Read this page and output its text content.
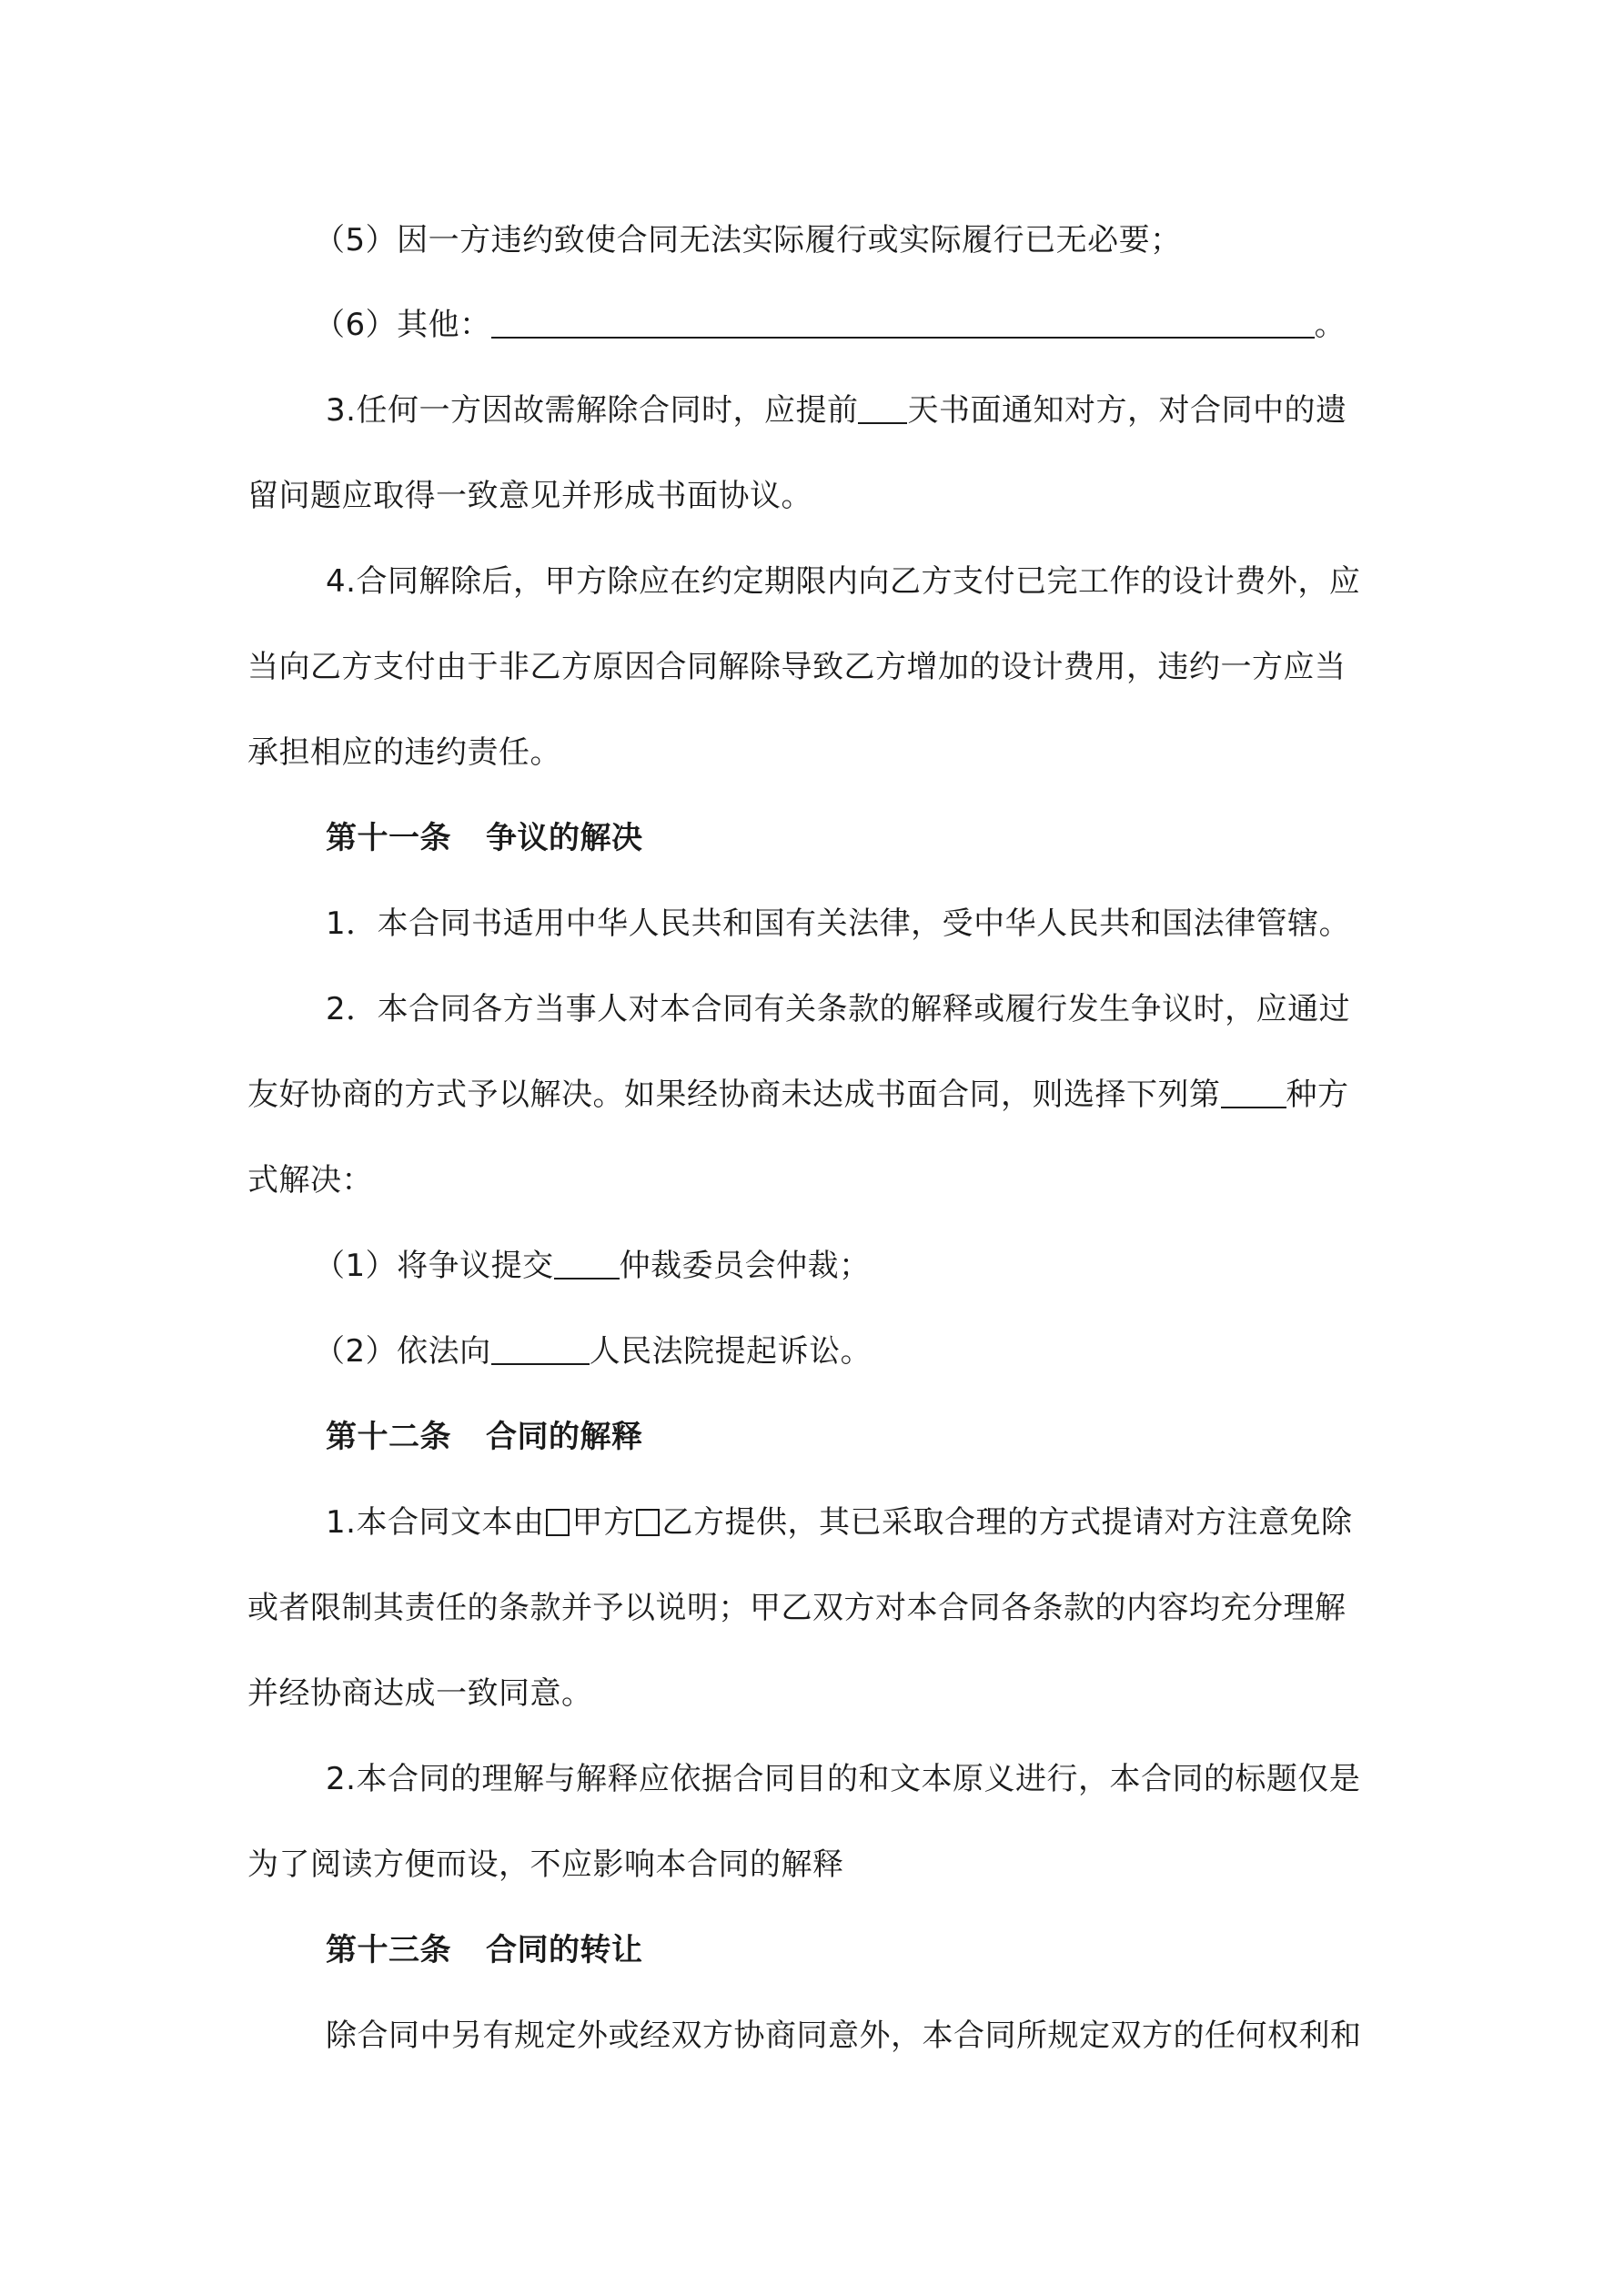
（5）因一方违约致使合同无法实际履行或实际履行已无必要；
（6）其他：	。
3.任何一方因故需解除合同时，应提前 天书面通知对方，对合同中的遗
留问题应取得一致意见并形成书面协议。
4.合同解除后，甲方除应在约定期限内向乙方支付已完工作的设计费外，应
当向乙方支付由于非乙方原因合同解除导致乙方增加的设计费用，违约一方应当
承担相应的违约责任。
第十一条 争议的解决
1．本合同书适用中华人民共和国有关法律，受中华人民共和国法律管辖。
2．本合同各方当事人对本合同有关条款的解释或履行发生争议时，应通过
友好协商的方式予以解决。如果经协商未达成书面合同，则选择下列第 种方
式解决：
（1）将争议提交 仲裁委员会仲裁；
（2）依法向	人民法院提起诉讼。
第十二条 合同的解释
1.本合同文本由 甲方 乙方提供，其已采取合理的方式提请对方注意免除
或者限制其责任的条款并予以说明；甲乙双方对本合同各条款的内容均充分理解
并经协商达成一致同意。
2.本合同的理解与解释应依据合同目的和文本原义进行，本合同的标题仅是
为了阅读方便而设，不应影响本合同的解释
第十三条 合同的转让
除合同中另有规定外或经双方协商同意外，本合同所规定双方的任何权利和
